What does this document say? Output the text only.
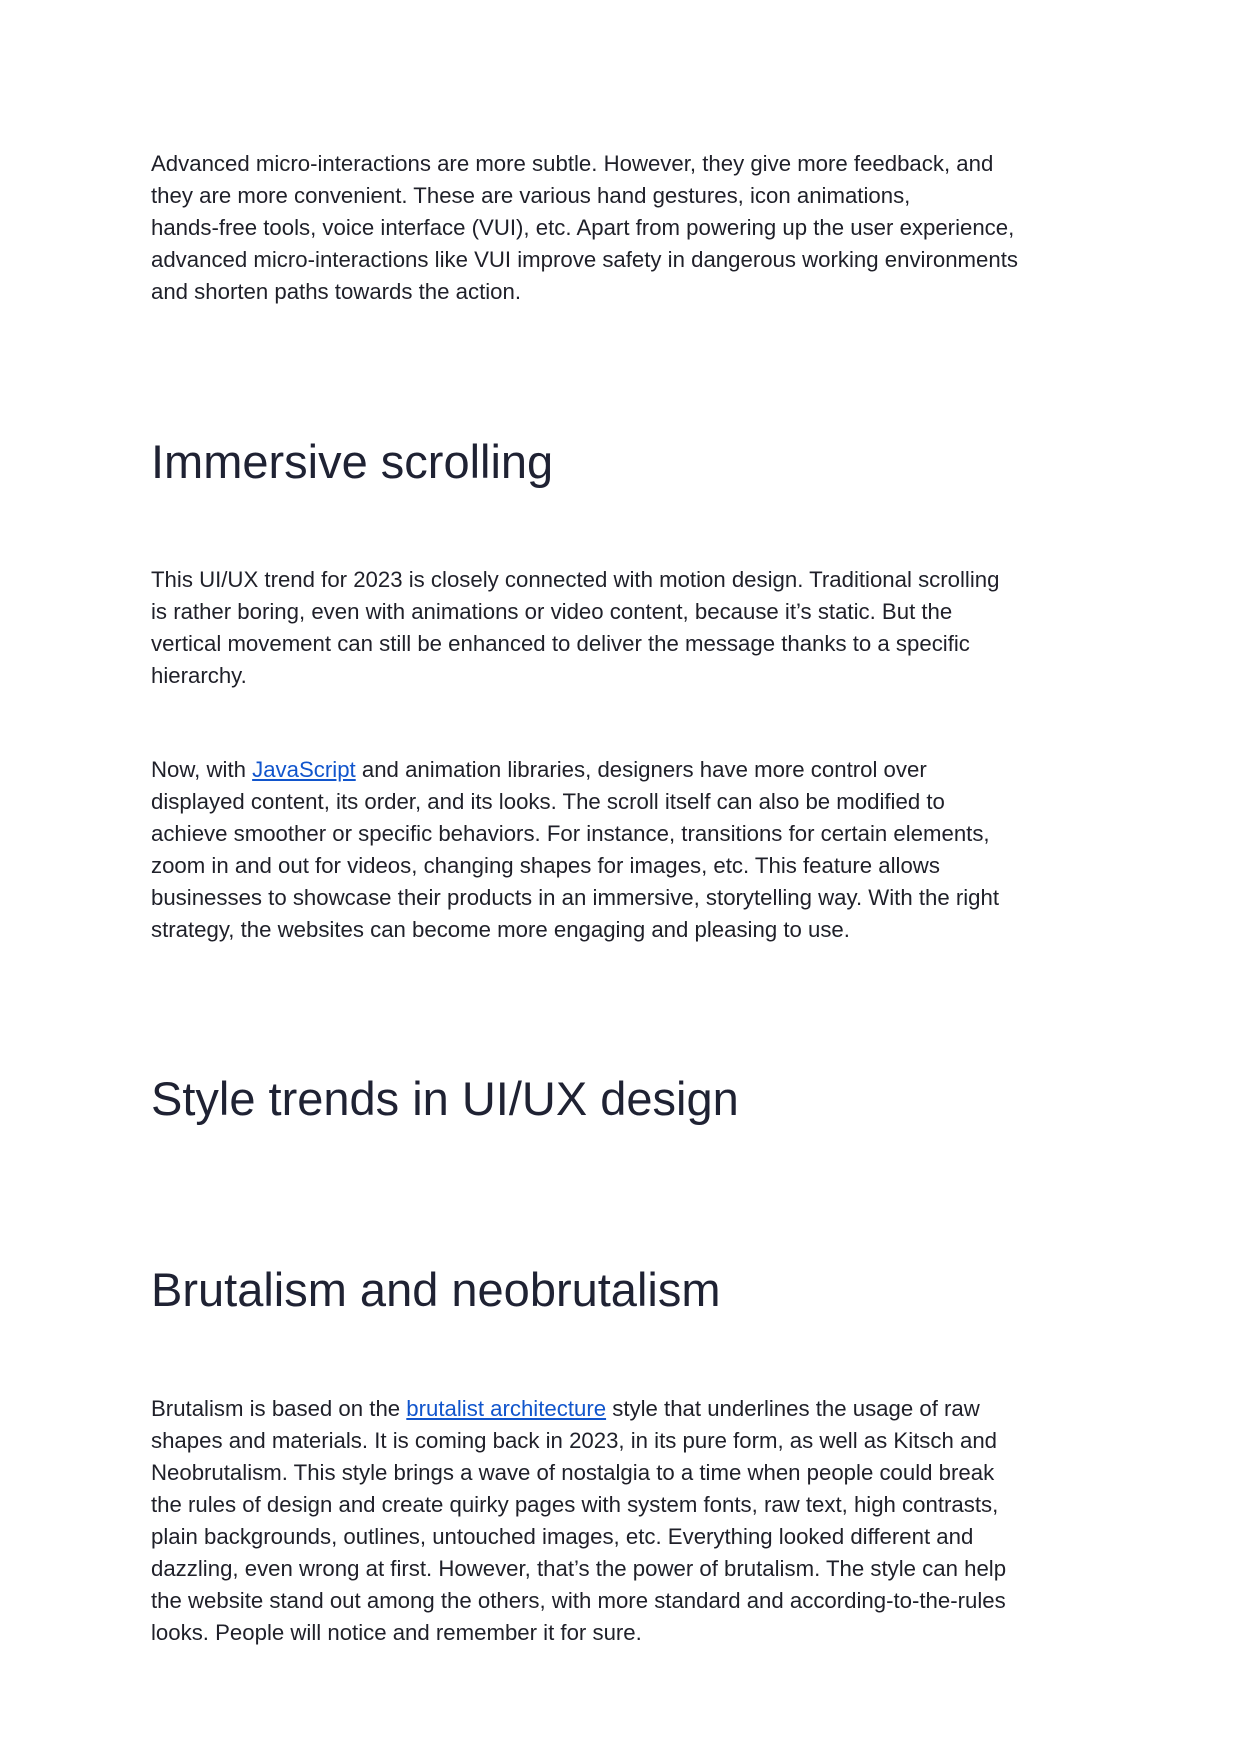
Advanced micro-interactions are more subtle. However, they give more feedback, and
they are more convenient. These are various hand gestures, icon animations,
hands-free tools, voice interface (VUI), etc. Apart from powering up the user experience,
advanced micro-interactions like VUI improve safety in dangerous working environments
and shorten paths towards the action.

Immersive scrolling

This UI/UX trend for 2023 is closely connected with motion design. Traditional scrolling
is rather boring, even with animations or video content, because it’s static. But the
vertical movement can still be enhanced to deliver the message thanks to a specific
hierarchy.

Now, with JavaScript and animation libraries, designers have more control over
displayed content, its order, and its looks. The scroll itself can also be modified to
achieve smoother or specific behaviors. For instance, transitions for certain elements,
zoom in and out for videos, changing shapes for images, etc. This feature allows
businesses to showcase their products in an immersive, storytelling way. With the right
strategy, the websites can become more engaging and pleasing to use.

Style trends in UI/UX design
Brutalism and neobrutalism

Brutalism is based on the brutalist architecture style that underlines the usage of raw
shapes and materials. It is coming back in 2023, in its pure form, as well as Kitsch and
Neobrutalism. This style brings a wave of nostalgia to a time when people could break
the rules of design and create quirky pages with system fonts, raw text, high contrasts,
plain backgrounds, outlines, untouched images, etc. Everything looked different and
dazzling, even wrong at first. However, that’s the power of brutalism. The style can help
the website stand out among the others, with more standard and according-to-the-rules
looks. People will notice and remember it for sure.
